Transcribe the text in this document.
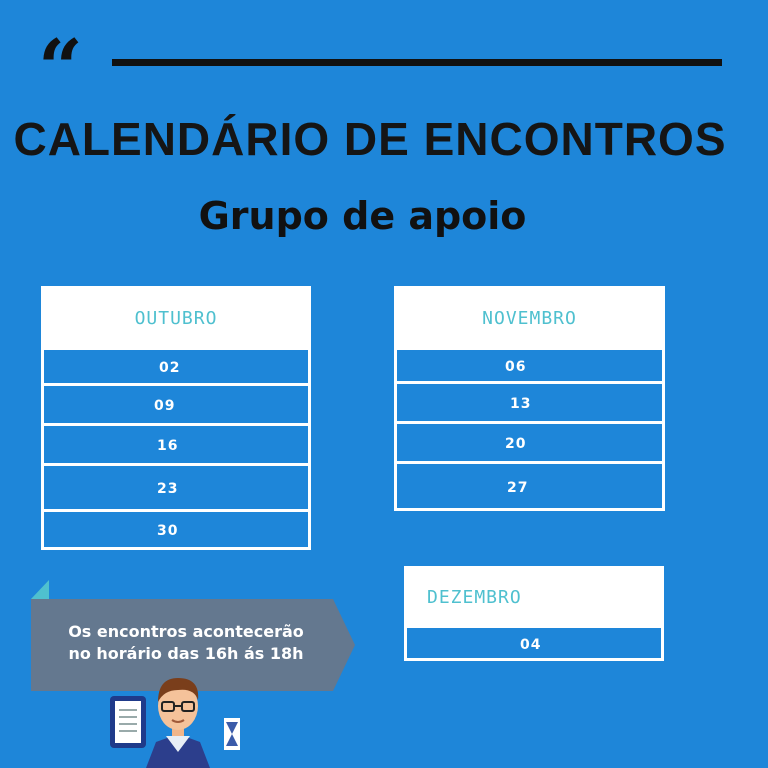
“
CALENDÁRIO DE ENCONTROS
Grupo de apoio
OUTUBRO
02
09
16
23
30
NOVEMBRO
06
13
20
27
DEZEMBRO
04
Os encontros acontecerão
no horário das 16h ás 18h
